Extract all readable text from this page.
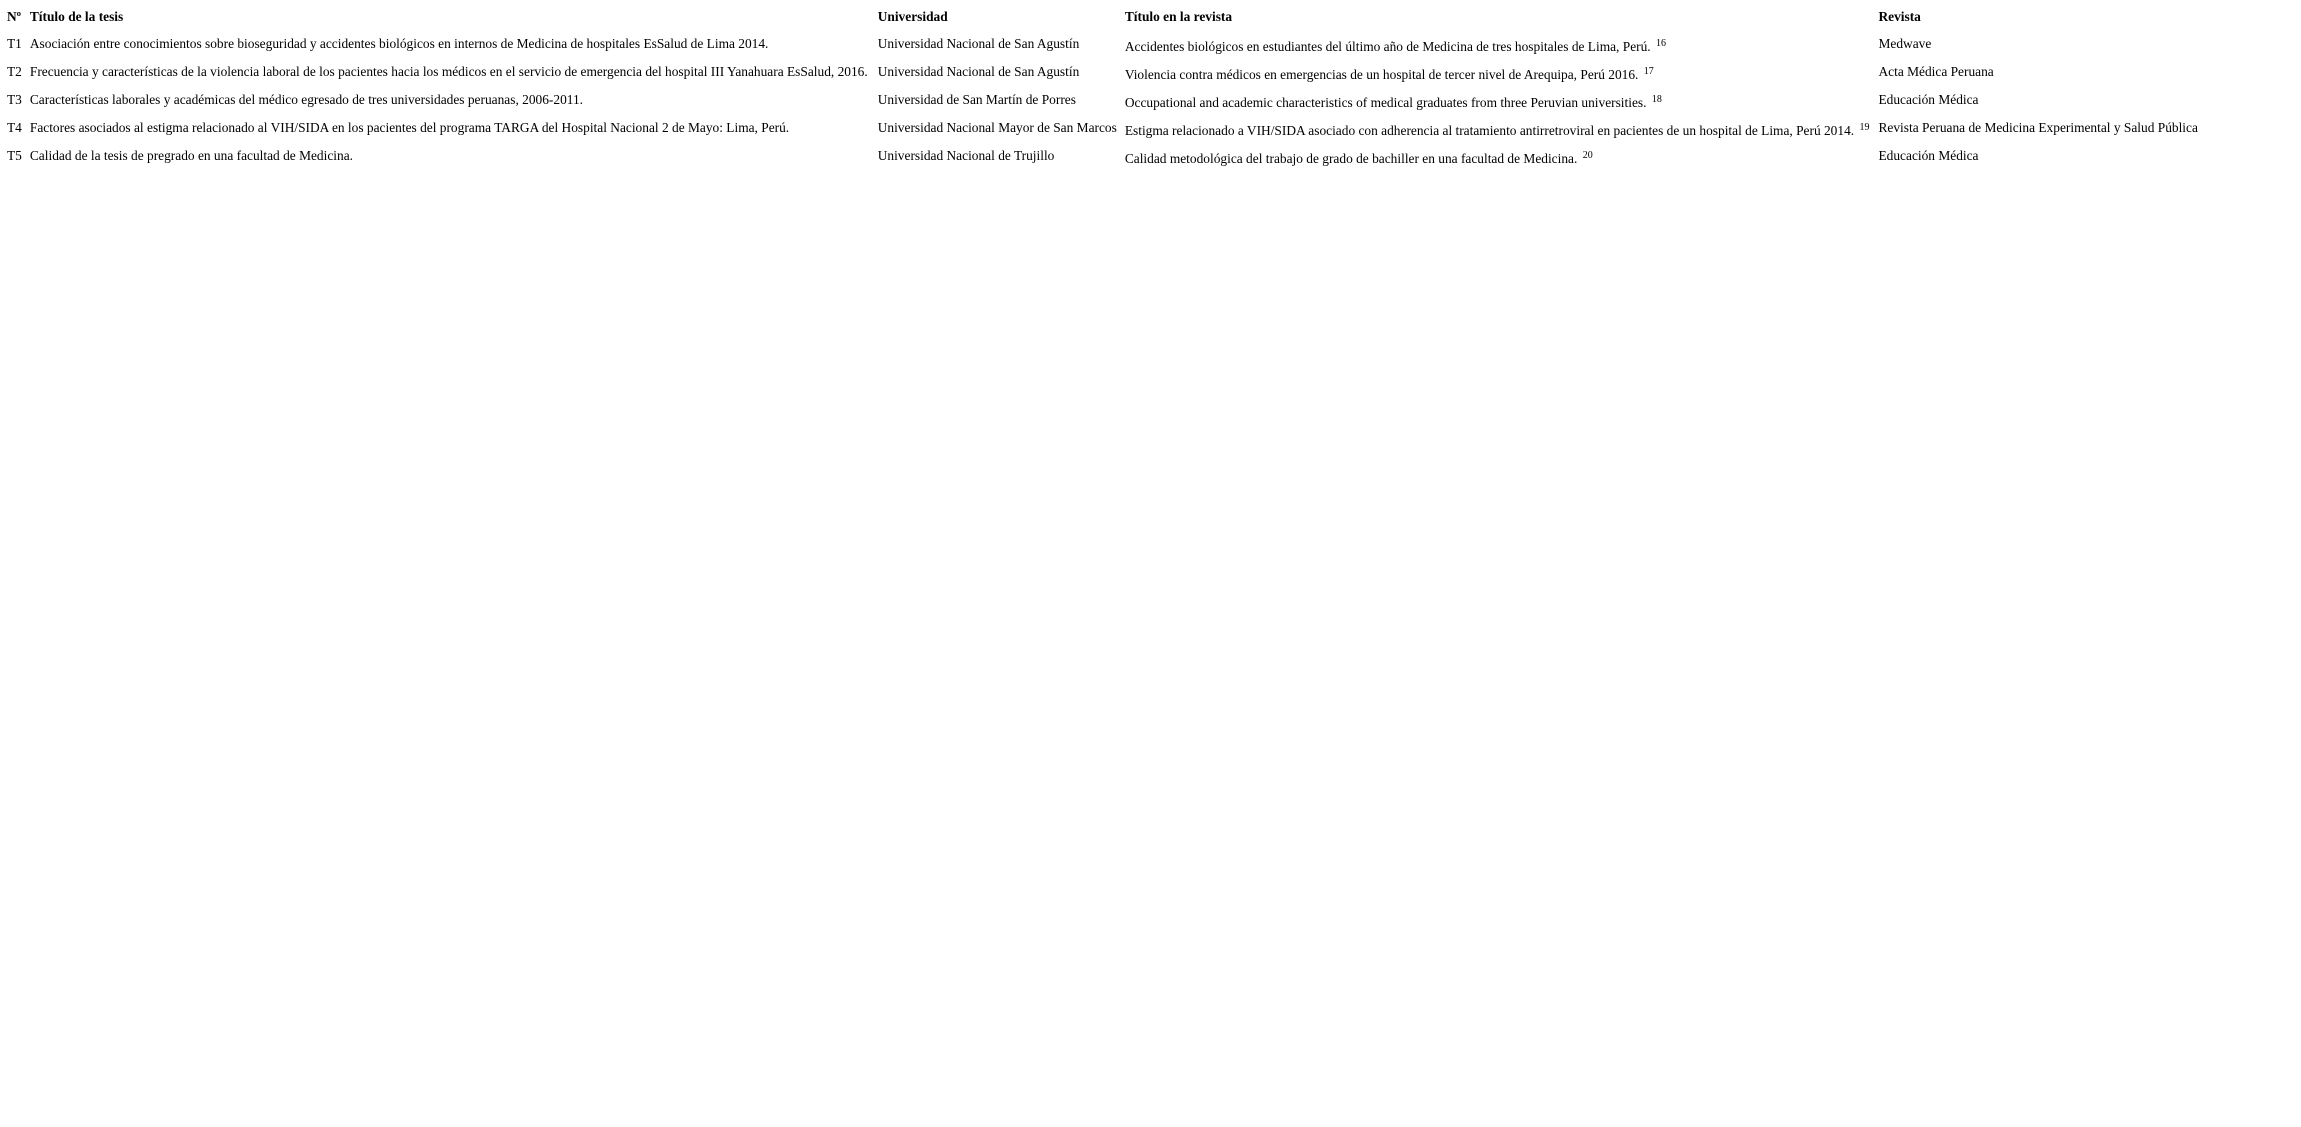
Nº	Título de la tesis	Universidad	Título en la revista	Revista
T1	Asociación entre conocimientos sobre bioseguridad y accidentes biológicos en internos de Medicina de hospitales EsSalud de Lima 2014.	Universidad Nacional de San Agustín	Accidentes biológicos en estudiantes del último año de Medicina de tres hospitales de Lima, Perú. $^{16}$	Medwave
T2	Frecuencia y características de la violencia laboral de los pacientes hacia los médicos en el servicio de emergencia del hospital III Yanahuara EsSalud, 2016.	Universidad Nacional de San Agustín	Violencia contra médicos en emergencias de un hospital de tercer nivel de Arequipa, Perú 2016. $^{17}$	Acta Médica Peruana
T3	Características laborales y académicas del médico egresado de tres universidades peruanas, 2006-2011.	Universidad de San Martín de Porres	Occupational and academic characteristics of medical graduates from three Peruvian universities. $^{18}$	Educación Médica
T4	Factores asociados al estigma relacionado al VIH/SIDA en los pacientes del programa TARGA del Hospital Nacional 2 de Mayo: Lima, Perú.	Universidad Nacional Mayor de San Marcos	Estigma relacionado a VIH/SIDA asociado con adherencia al tratamiento antirretroviral en pacientes de un hospital de Lima, Perú 2014. $^{19}$	Revista Peruana de Medicina Experimental y Salud Pública
T5	Calidad de la tesis de pregrado en una facultad de Medicina.	Universidad Nacional de Trujillo	Calidad metodológica del trabajo de grado de bachiller en una facultad de Medicina. $^{20}$	Educación Médica
